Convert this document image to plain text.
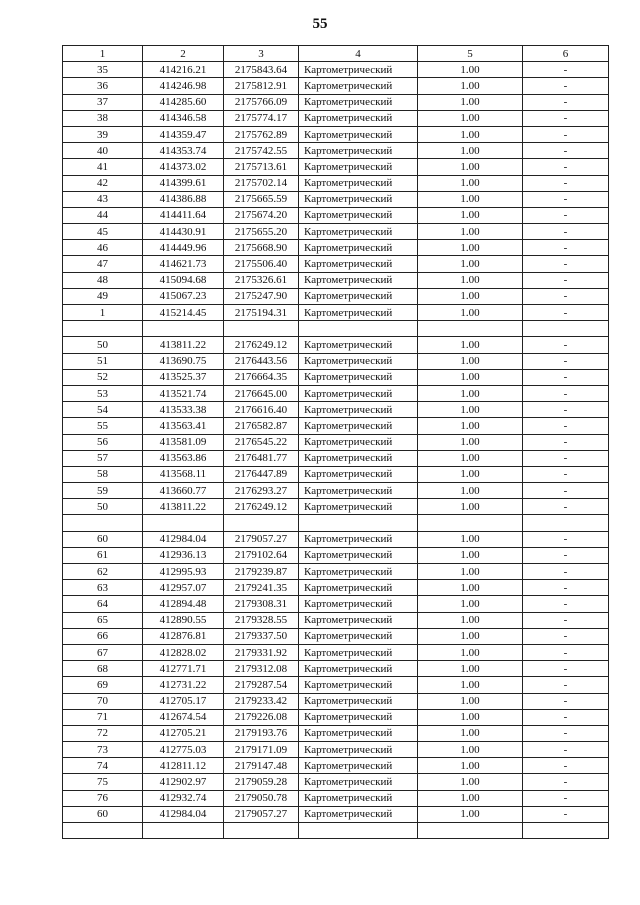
55
1	2	3	4	5	6
35	414216.21	2175843.64	Картометрический	1.00	-
36	414246.98	2175812.91	Картометрический	1.00	-
37	414285.60	2175766.09	Картометрический	1.00	-
38	414346.58	2175774.17	Картометрический	1.00	-
39	414359.47	2175762.89	Картометрический	1.00	-
40	414353.74	2175742.55	Картометрический	1.00	-
41	414373.02	2175713.61	Картометрический	1.00	-
42	414399.61	2175702.14	Картометрический	1.00	-
43	414386.88	2175665.59	Картометрический	1.00	-
44	414411.64	2175674.20	Картометрический	1.00	-
45	414430.91	2175655.20	Картометрический	1.00	-
46	414449.96	2175668.90	Картометрический	1.00	-
47	414621.73	2175506.40	Картометрический	1.00	-
48	415094.68	2175326.61	Картометрический	1.00	-
49	415067.23	2175247.90	Картометрический	1.00	-
1	415214.45	2175194.31	Картометрический	1.00	-

50	413811.22	2176249.12	Картометрический	1.00	-
51	413690.75	2176443.56	Картометрический	1.00	-
52	413525.37	2176664.35	Картометрический	1.00	-
53	413521.74	2176645.00	Картометрический	1.00	-
54	413533.38	2176616.40	Картометрический	1.00	-
55	413563.41	2176582.87	Картометрический	1.00	-
56	413581.09	2176545.22	Картометрический	1.00	-
57	413563.86	2176481.77	Картометрический	1.00	-
58	413568.11	2176447.89	Картометрический	1.00	-
59	413660.77	2176293.27	Картометрический	1.00	-
50	413811.22	2176249.12	Картометрический	1.00	-

60	412984.04	2179057.27	Картометрический	1.00	-
61	412936.13	2179102.64	Картометрический	1.00	-
62	412995.93	2179239.87	Картометрический	1.00	-
63	412957.07	2179241.35	Картометрический	1.00	-
64	412894.48	2179308.31	Картометрический	1.00	-
65	412890.55	2179328.55	Картометрический	1.00	-
66	412876.81	2179337.50	Картометрический	1.00	-
67	412828.02	2179331.92	Картометрический	1.00	-
68	412771.71	2179312.08	Картометрический	1.00	-
69	412731.22	2179287.54	Картометрический	1.00	-
70	412705.17	2179233.42	Картометрический	1.00	-
71	412674.54	2179226.08	Картометрический	1.00	-
72	412705.21	2179193.76	Картометрический	1.00	-
73	412775.03	2179171.09	Картометрический	1.00	-
74	412811.12	2179147.48	Картометрический	1.00	-
75	412902.97	2179059.28	Картометрический	1.00	-
76	412932.74	2179050.78	Картометрический	1.00	-
60	412984.04	2179057.27	Картометрический	1.00	-
